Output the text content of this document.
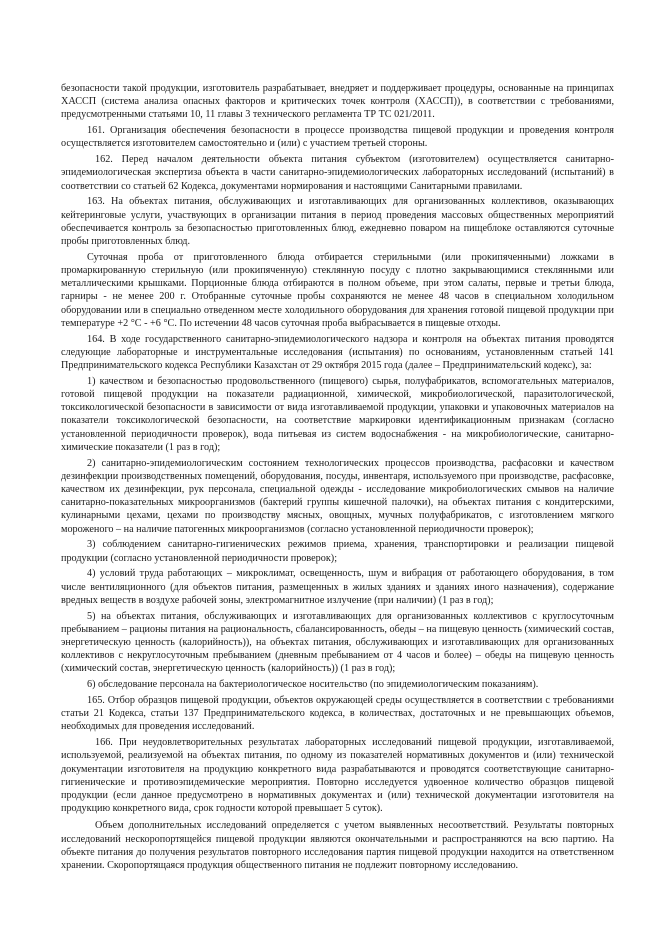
безопасности такой продукции, изготовитель разрабатывает, внедряет и поддерживает процедуры, основанные на принципах ХАССП (система анализа опасных факторов и критических точек контроля (ХАССП)), в соответствии с требованиями, предусмотренными статьями 10, 11 главы 3 технического регламента ТР ТС 021/2011.

161. Организация обеспечения безопасности в процессе производства пищевой продукции и проведения контроля осуществляется изготовителем самостоятельно и (или) с участием третьей стороны.

162. Перед началом деятельности объекта питания субъектом (изготовителем) осуществляется санитарно-эпидемиологическая экспертиза объекта в части санитарно-эпидемиологических лабораторных исследований (испытаний) в соответствии со статьей 62 Кодекса, документами нормирования и настоящими Санитарными правилами.

163. На объектах питания, обслуживающих и изготавливающих для организованных коллективов, оказывающих кейтеринговые услуги, участвующих в организации питания в период проведения массовых общественных мероприятий обеспечивается контроль за безопасностью приготовленных блюд, ежедневно поваром на пищеблоке оставляются суточные пробы приготовленных блюд.

Суточная проба от приготовленного блюда отбирается стерильными (или прокипяченными) ложками в промаркированную стерильную (или прокипяченную) стеклянную посуду с плотно закрывающимися стеклянными или металлическими крышками. Порционные блюда отбираются в полном объеме, при этом салаты, первые и третьи блюда, гарниры - не менее 200 г. Отобранные суточные пробы сохраняются не менее 48 часов в специальном холодильном оборудовании или в специально отведенном месте холодильного оборудования для хранения готовой пищевой продукции при температуре +2 °С - +6 °С. По истечении 48 часов суточная проба выбрасывается в пищевые отходы.

164. В ходе государственного санитарно-эпидемиологического надзора и контроля на объектах питания проводятся следующие лабораторные и инструментальные исследования (испытания) по основаниям, установленным статьей 141 Предпринимательского кодекса Республики Казахстан от 29 октября 2015 года (далее – Предпринимательский кодекс), за:

1) качеством и безопасностью продовольственного (пищевого) сырья, полуфабрикатов, вспомогательных материалов, готовой пищевой продукции на показатели радиационной, химической, микробиологической, паразитологической, токсикологической безопасности в зависимости от вида изготавливаемой продукции, упаковки и упаковочных материалов на показатели токсикологической безопасности, на соответствие маркировки идентификационным признакам (согласно установленной периодичности проверок), вода питьевая из систем водоснабжения - на микробиологические, санитарно-химические показатели (1 раз в год);

2) санитарно-эпидемиологическим состоянием технологических процессов производства, расфасовки и качеством дезинфекции производственных помещений, оборудования, посуды, инвентаря, используемого при производстве, расфасовке, качеством их дезинфекции, рук персонала, специальной одежды - исследование микробиологических смывов на наличие санитарно-показательных микроорганизмов (бактерий группы кишечной палочки), на объектах питания с кондитерскими, кулинарными цехами, цехами по производству мясных, овощных, мучных полуфабрикатов, с изготовлением мягкого мороженого – на наличие патогенных микроорганизмов (согласно установленной периодичности проверок);

3) соблюдением санитарно-гигиенических режимов приема, хранения, транспортировки и реализации пищевой продукции (согласно установленной периодичности проверок);

4) условий труда работающих – микроклимат, освещенность, шум и вибрация от работающего оборудования, в том числе вентиляционного (для объектов питания, размещенных в жилых зданиях и зданиях иного назначения), содержание вредных веществ в воздухе рабочей зоны, электромагнитное излучение (при наличии) (1 раз в год);

5) на объектах питания, обслуживающих и изготавливающих для организованных коллективов с круглосуточным пребыванием – рационы питания на рациональность, сбалансированность, обеды – на пищевую ценность (химический состав, энергетическую ценность (калорийность)), на объектах питания, обслуживающих и изготавливающих для организованных коллективов с некруглосуточным пребыванием (дневным пребыванием от 4 часов и более) – обеды на пищевую ценность (химический состав, энергетическую ценность (калорийность)) (1 раз в год);

6) обследование персонала на бактериологическое носительство (по эпидемиологическим показаниям).

165. Отбор образцов пищевой продукции, объектов окружающей среды осуществляется в соответствии с требованиями статьи 21 Кодекса, статьи 137 Предпринимательского кодекса, в количествах, достаточных и не превышающих объемов, необходимых для проведения исследований.

166. При неудовлетворительных результатах лабораторных исследований пищевой продукции, изготавливаемой, используемой, реализуемой на объектах питания, по одному из показателей нормативных документов и (или) технической документации изготовителя на продукцию конкретного вида разрабатываются и проводятся соответствующие санитарно-гигиенические и противоэпидемические мероприятия. Повторно исследуется удвоенное количество образцов пищевой продукции (если данное предусмотрено в нормативных документах и (или) технической документации изготовителя на продукцию конкретного вида, срок годности которой превышает 5 суток).

Объем дополнительных исследований определяется с учетом выявленных несоответствий. Результаты повторных исследований нескоропортящейся пищевой продукции являются окончательными и распространяются на всю партию. На объекте питания до получения результатов повторного исследования партия пищевой продукции находится на ответственном хранении. Скоропортящаяся продукция общественного питания не подлежит повторному исследованию.
